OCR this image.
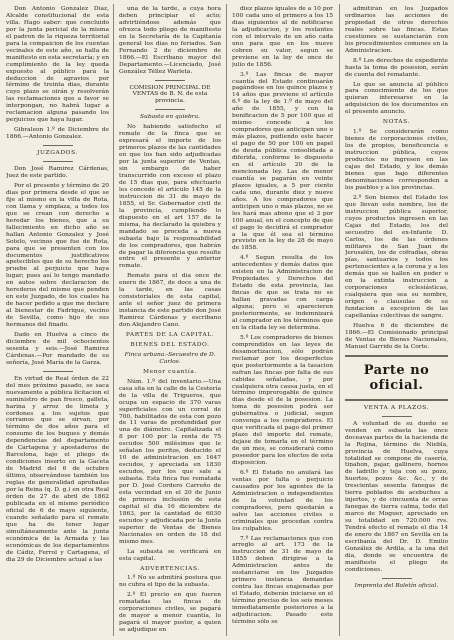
Don Antonio Gonzalez Diaz, Alcalde constitucional de esta villa. Hago saber: que concluido por la junta pericial de la misma el padron de la riqueza territorial para la compaicion de los cuentas vecinales de este año, se halla de manifiesto en esta secretaría; y en cumplimiento de la ley queda expuesto al público para la deduccion de agravios por término de treinta dias, durante cuyo plazo se oirán y resolverán las reclamaciones que a favor se interpongan, no habrá lugar a reclamacion alguna pasando los perjuicios que haya lugar.

Gibraleon 1.º de Diciembre de 1866.—Antonio Gonzalez.

JUZGADOS.

Don José Ramirez Cárdenas, Juez de este partido.

Por el presente y término de 20 dias por primera desde el que se fije al mismo en la villa de Rota, con llama y emplaza, a todos los que se crean con derecho a heredar los bienes, que a su fallecimiento en dicho año se hallan Antonio Gonzalez y José Sotelo, vecinos que fue de Rota, para que se presenten con los documentos justificativos apetecibles que de su herecho los pruebe al perjuicio que haya lugar; pues así lo tengo mandado en autos sobre declaracion de herederos del mismo que penden en este Juzgado, de los cuales ha de hacer pedido a que me declare al bienestar de Fadrique, vecino de Sevilla, como hijo de sus hermanos del finado.

Dado en Huelva a cinco de diciembre de mil ochocientos sesenta y seis.—José Ramirez Cárdenas.—Por mandado de su señoría, José María de la Garza.

En virtud de Real órden de 22 del mes próximo pasado, se saca nuevamente a pública licitacion el suministro de pan fresco, galleta, harina y arroz de limeta y cordones a los sujetos que cerramos que se sirvan, por término de dos años para el consumo de los buques y demás dependencias del departamento de Cartagena y apostaderos de Barcelona, bajo el pliego de condiciones inserto en la Gaceta de Madrid del 6 de octubre último, observándose también los reglas de generalidad aprobadas por la Reina (q. D. g.) en otra Real órden de 27 de abril de 1862 publicada en el mismo periódico oficial de 6 de mayo siguiente, cuando señalado para el remate que ha de tener lugar simultáneamente ante la junta económica de la Armada y las económicas de los departamentos de Cádiz, Ferrol y Cartagena, el dia 29 de Diciembre actual a las

una de la tarde, a cuya hora deben principiar el acto; advirtiéndose además que ofrezca todo pliego de manifiesto en la Secretaría de la Capitanía general los dias no feriados. San Fernando 2 de diciembre de 1866.—El Escribano mayor del Departamento.—Licenciado, José González Téllez Warleta.

COMISION PRINCIPAL DE VENTAS de B. N. de esta provincia.
Subasta en quiebra.

No habiendo satisfecho el remate de la finca que se expresará el importe de los primeros plazos de las cantidades en que los han sido adjudicadas por la junta superior de Ventas, sin embargo de haber transcurrido con exceso el plazo de 15 dias que, para efectuarlo les concede el artículo 145 de la instruccion de 31 de mayo de 1855, el Sr. Gobernador civil de la provincia, cumpliendo lo dispuesto en el art 157 de la misma, ha declarado la quiebra y mandado se proceda a nueva subasta bajo la responsabilidad de los compradores, que habrán de pagar la diferencia que resulte entre el presente y anterior remate.

Remate para el dia once de enero de 1867, de doce a una de la tarde, en las casas consistoriales de esta capital, ante el señor juez de primera instancia de este partido don José Ramirez Cárdenas y escribano don Alejandro Cano.

PARTES DE LA CAPITAL.
BIENES DEL ESTADO.
Finca urbana.-Secuestro de D. Carlos.
Menor cuantía.

Núm. 1.º del inventario.—Una casa sita en la calle de la Cestería de la villa de Trigueros, que ocupa un espacio de 370 varas superficiales con un corral de 700, habilitados de esta con pozo de 11 varas de profundidad por una de diámetro. Capitalizada el 8 por 100 por la renta de 75 escudos 500 milésimos que le señalan los peritos, deducido el 10 de administracion en 1647 escudos, y apreciada en 1830 escudos, por los que sale a subasta. Esta finca fue rematada por D. José Cordero Carreño de esta vecindad en el 20 de Junio de primera inclusión de esta capital el dia 16 diciembre de 1863, por la cantidad de 6030 escudos y adjudicada por la Junta superior de Ventas de Bienes Nacionales en orden de 18 del mismo mes.

La subasta se verificará en esta capital.

ADVERTENCIAS.

1.º No se admitirá postura que no cubra el tipo de la subasta.

2.º El precio en que fueren rematadas las fincas de corporaciones civiles, se pagará de mayor a menor cuantía, lo pagará el mayor postor, a quien se adjudique en

diez plazos iguales de a 10 por 100 cada uno el primero a los 15 dias siguientes al de notificarse la adjudicacion, y los restantes con el intervalo de un año cada uno para que en los nueve cobren su valor, segun se previene en la ley de once de julio de 1856.

3.º Las fincas de mayor cuantía del Estado continuarán pagándose en los quince plazos y 14 años que previene el artículo 6.º de la ley de 1.º de mayo del año de 1855, y con la bonificacion de 5 por 100 que el mismo concede a los compradores que anticipen uno o más plazos, pudiendo este hacer el pago de 50 por 100 en papel de deuda pública consolidada a diferida, conforme lo dispuesto en el artículo 20 de la mencionada ley. Las de menor cuantía se pagarán en veinte plazos iguales, a 5 por ciento cada uno, durante diez y nueve años. A los compradores que anticipen uno o más plazos, no se les hará mas abono que el 3 por 100 anual, en el concepto de que el pago lo decidirá el comprador a la que él sea el término previsto en la ley de 28 de mayo de 1858.

4.º Segun resulta de los antecedentes y demás datos que existen en la Administracion de Propiedades y Derechos del Estado de esta provincia, las fincas de que se trata no se hallan gravadas con carga alguna; pero si aparecieren posteriormente, se indemnizará al comprador en los términos que en la citada ley se determina.

5.º Los compradores de bienes comprendidos en las leyes de desamortizacion, sólo podrán reclamar por los desperfectos que posteriormente a la tasacion sufran las fincas por falta de sus cabidas señaladas, y por cualquiera otra causa justa, en el término improrogable de quince dias desde el de la posesion. La toma de posesion podrá ser gubernativa o judicial, segun convenga a los compradores. El que verificada el pago del primer plazo del importe del remate, dejase de tomarla en el término de un mes, se considerará como poseedor para los efectos de esta disposicion.

6.º El Estado no anulará las ventas por falta o perjuicio causados por los agentes de la Administracion o independientes de la voluntad de los compradores, pero quedarán a salvo las acciones civiles o criminales que procedan contra los culpables.

7.º Las reclamaciones que con arreglo al art. 173 de la instruccion de 31 de mayo de 1855 deben dirigirse a la Administracion antes de sustanciarse en los Juzgados primero instancia demandas contra las fincas enajenadas por el Estado, deberán iniciarse en el término preciso de los seis meses inmediatamente posteriores a la adjudicacion. Pasado este término sólo se

admitirán en los Juzgados ordinarios las acciones de propiedad de otros derechos reales sobre las fincas. Estas cuestiones se sustanciarán con los procedimientos comunes en la Administracion.

8.º Los derechos de expediente hasta la toma de posesion, serán de cuenta del rematante.

Lo que se anuncia al público para conocimiento de los que quieran interesarse en la adquisicion de los documentos en el presente anuncio.

NOTAS.

1.º Se considerarán como bienes de corporaciones civiles, los de propios, beneficencia e instruccion pública, cuyos productos no ingresen en las cajas del Estado, y los demás bienes que bajo diferentes denominaciones corresponden a los pueblos y a los provincias.

2.º Son bienes del Estado los que llevan este nombre, los de instruccion pública superior, cuyos productos ingresen en las Cajas del Estado, los del secuestro del ex-Infante D. Carlos, los de las órdenes militares de San Juan de Jerusalén, los de cofradías, obras pías, santuarios y todos los pertenecientes a la corona y a los demás que se hallen en poder o en la extinta instruccion a corporaciones eclesiásticas, cualquiera que sea su nombre, origen o clausulas de su fundacion a excepcion de las capellanías colectivas de sangre.

Huelva 6 de diciembre de 1866.—El Comisionado principal de Ventas de Bienes Nacionales, Manuel Garrido de la Corte.

Parte no oficial.
VENTA A PLAZOS.

A voluntad de su dueño se venden en subasta las once doceavas partes de la hacienda de la Rojina, término de Niebla, provincia de Huelva, cuya totalidad se compone de casería, tinahon, pajar, gallinero, hornos de ladrillo y teja con su pozo, huertos, pozos &c. &c., y de trescientas sesenta fanegas de tierra poblados de acebuches a injertos, y de cincuenta de orras fanegas de tierra calma, todo del marco de Moguer, apreciado en su totalidad en 720.000 rvs. Tendrá efecto el remate el dia 14 de enero de 1867 en Sevilla en la escribanía del Dr. D. Emilio González de Ardila, a la una del dia, donde se encuentra de manifiesto el pliego de condiciones.

Imprenta del Boletín oficial.
